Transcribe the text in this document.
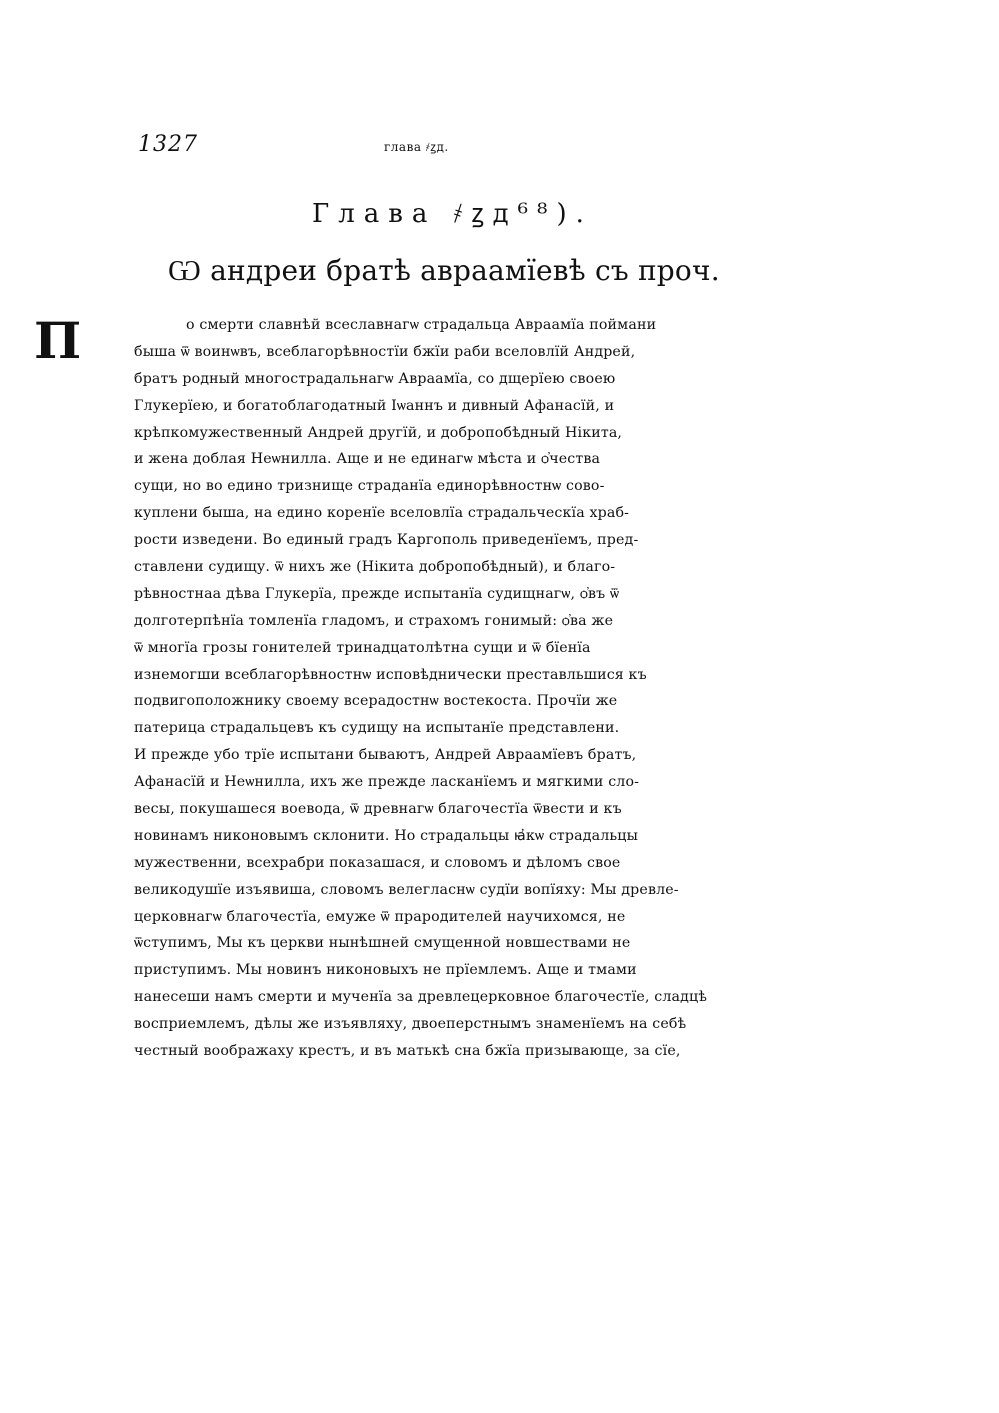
1327	глава ҂ꙁд.
Глава ҂ꙁд⁶⁸).
Ѡ андреи братѣ авраамїевѣ съ проч.
П	о смерти славнѣй всеславнагѡ страдальца Авраамїа поймани
быша ѿ воинѡвъ, всеблагорѣвностїи бжїи раби вселовлїй Андрей,
братъ родный многострадальнагѡ Авраамїа, со дщерїею своею
Глукерїею, и богатоблагодатный Іѡаннъ и дивный Афанасїй, и
крѣпкомужественный Андрей другїй, и добропобѣдный Нікита,
и жена доблая Неѡнилла. Аще и не единагѡ мѣста и ѻ҆чества
сущи, но во едино тризнище страданїа единорѣвностнѡ сово-
куплени быша, на едино коренїе вселовлїа страдальческїа храб-
рости изведени. Во единый градъ Каргополь приведенїемъ, пред-
ставлени судищу. ѿ нихъ же (Нікита добропобѣдный), и благо-
рѣвностнаа дѣва Глукерїа, прежде испытанїа судищнагѡ, ѻ҆въ ѿ
долготерпѣнїа томленїа гладомъ, и страхомъ гонимый: ѻ҆ва же
ѿ многїа грозы гонителей тринадцатолѣтна сущи и ѿ бїенїа
изнемогши всеблагорѣвностнѡ исповѣднически преставльшися къ
подвигоположнику своему всерадостнѡ востекоста. Прочїи же
патерица страдальцевъ къ судищу на испытанїе представлени.
И прежде убо трїе испытани бываютъ, Андрей Авраамїевъ братъ,
Афанасїй и Неѡнилла, ихъ же прежде ласканїемъ и мягкими сло-
весы, покушашеся воевода, ѿ древнагѡ благочестїа ѿвести и къ
новинамъ никоновымъ склонити. Но страдальцы ꙗ҆кѡ страдальцы
мужественни, всехрабри показашася, и словомъ и дѣломъ свое
великодушїе изъявиша, словомъ велегласнѡ судїи вопїяху: Мы древле-
церковнагѡ благочестїа, емуже ѿ прародителей научихомся, не
ѿступимъ, Мы къ церкви нынѣшней смущенной новшествами не
приступимъ. Мы новинъ никоновыхъ не прїемлемъ. Аще и тмами
нанесеши намъ смерти и мученїа за древлецерковное благочестїе, сладцѣ
восприемлемъ, дѣлы же изъявляху, двоеперстнымъ знаменїемъ на себѣ
честный воображаху крестъ, и въ матькѣ сна бжїа призывающе, за сїе,
